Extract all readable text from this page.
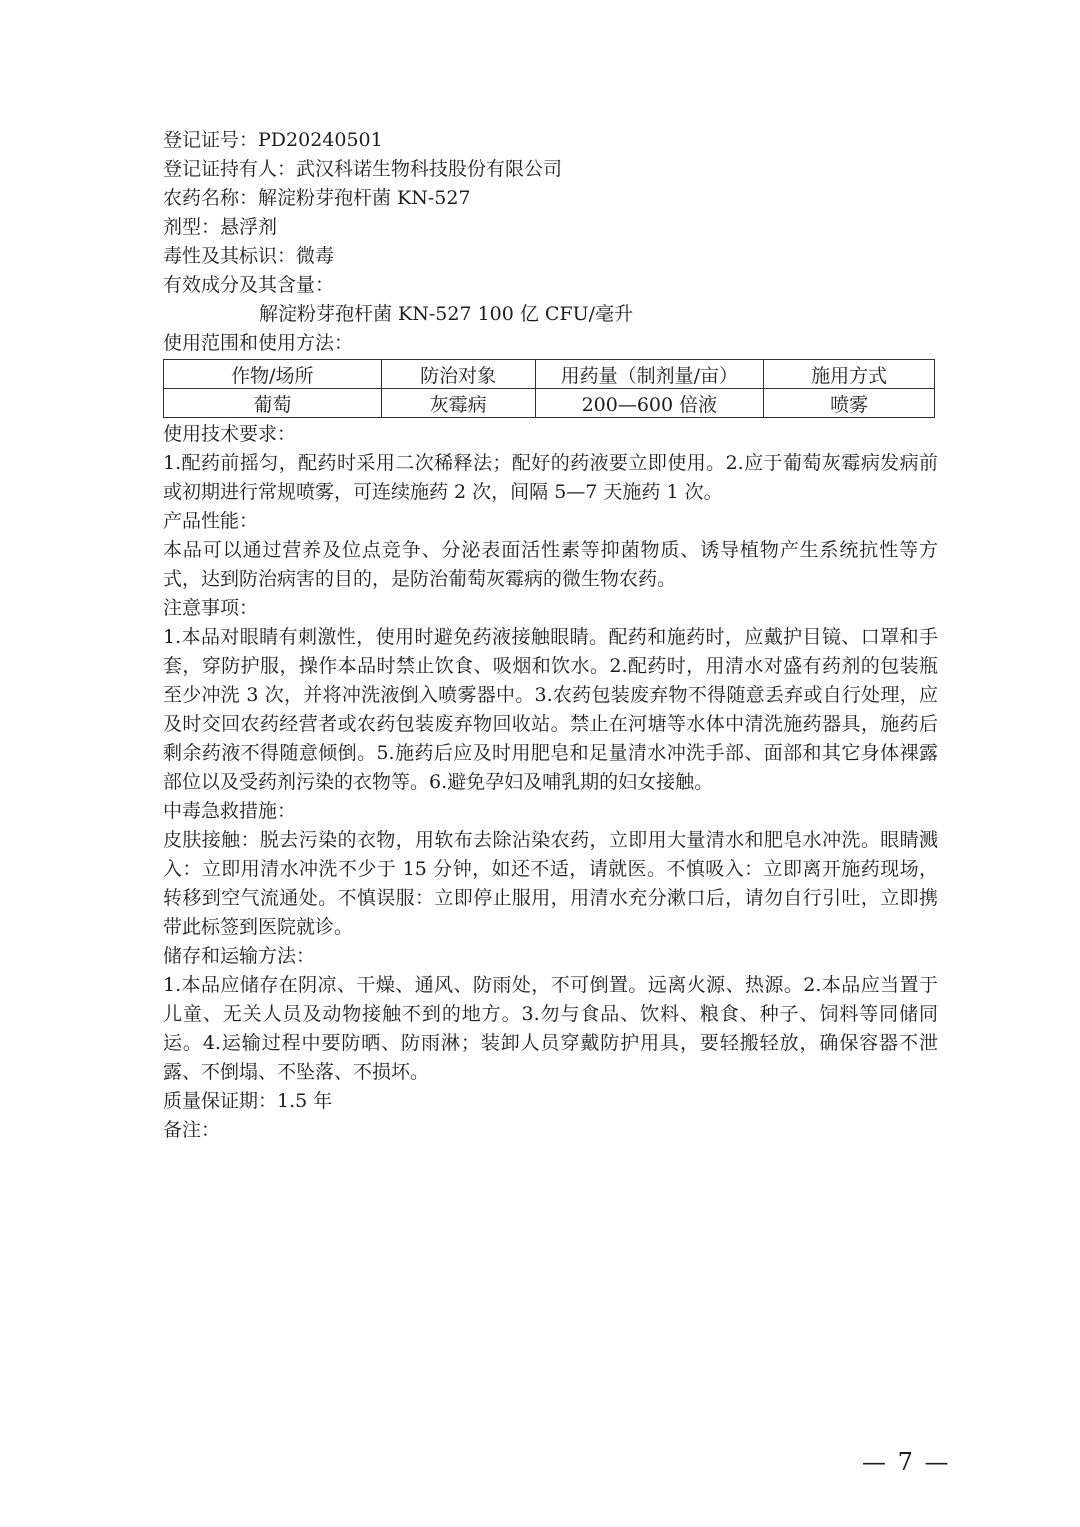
登记证号：PD20240501
登记证持有人：武汉科诺生物科技股份有限公司
农药名称：解淀粉芽孢杆菌 KN-527
剂型：悬浮剂
毒性及其标识：微毒
有效成分及其含量：
解淀粉芽孢杆菌 KN-527 100 亿 CFU/毫升
使用范围和使用方法：
作物/场所	防治对象	用药量（制剂量/亩）	施用方式
葡萄	灰霉病	200—600 倍液	喷雾
使用技术要求：

1.配药前摇匀，配药时采用二次稀释法；配好的药液要立即使用。2.应于葡萄灰霉病发病前或初期进行常规喷雾，可连续施药 2 次，间隔 5—7 天施药 1 次。

产品性能：

本品可以通过营养及位点竞争、分泌表面活性素等抑菌物质、诱导植物产生系统抗性等方式，达到防治病害的目的，是防治葡萄灰霉病的微生物农药。

注意事项：

1.本品对眼睛有刺激性，使用时避免药液接触眼睛。配药和施药时，应戴护目镜、口罩和手套，穿防护服，操作本品时禁止饮食、吸烟和饮水。2.配药时，用清水对盛有药剂的包装瓶至少冲洗 3 次，并将冲洗液倒入喷雾器中。3.农药包装废弃物不得随意丢弃或自行处理，应及时交回农药经营者或农药包装废弃物回收站。禁止在河塘等水体中清洗施药器具，施药后剩余药液不得随意倾倒。5.施药后应及时用肥皂和足量清水冲洗手部、面部和其它身体裸露部位以及受药剂污染的衣物等。6.避免孕妇及哺乳期的妇女接触。

中毒急救措施：

皮肤接触：脱去污染的衣物，用软布去除沾染农药，立即用大量清水和肥皂水冲洗。眼睛溅入：立即用清水冲洗不少于 15 分钟，如还不适，请就医。不慎吸入：立即离开施药现场，转移到空气流通处。不慎误服：立即停止服用，用清水充分漱口后，请勿自行引吐，立即携带此标签到医院就诊。

储存和运输方法：

1.本品应储存在阴凉、干燥、通风、防雨处，不可倒置。远离火源、热源。2.本品应当置于儿童、无关人员及动物接触不到的地方。3.勿与食品、饮料、粮食、种子、饲料等同储同运。4.运输过程中要防晒、防雨淋；装卸人员穿戴防护用具，要轻搬轻放，确保容器不泄露、不倒塌、不坠落、不损坏。

质量保证期：1.5 年
备注：
— 7 —
